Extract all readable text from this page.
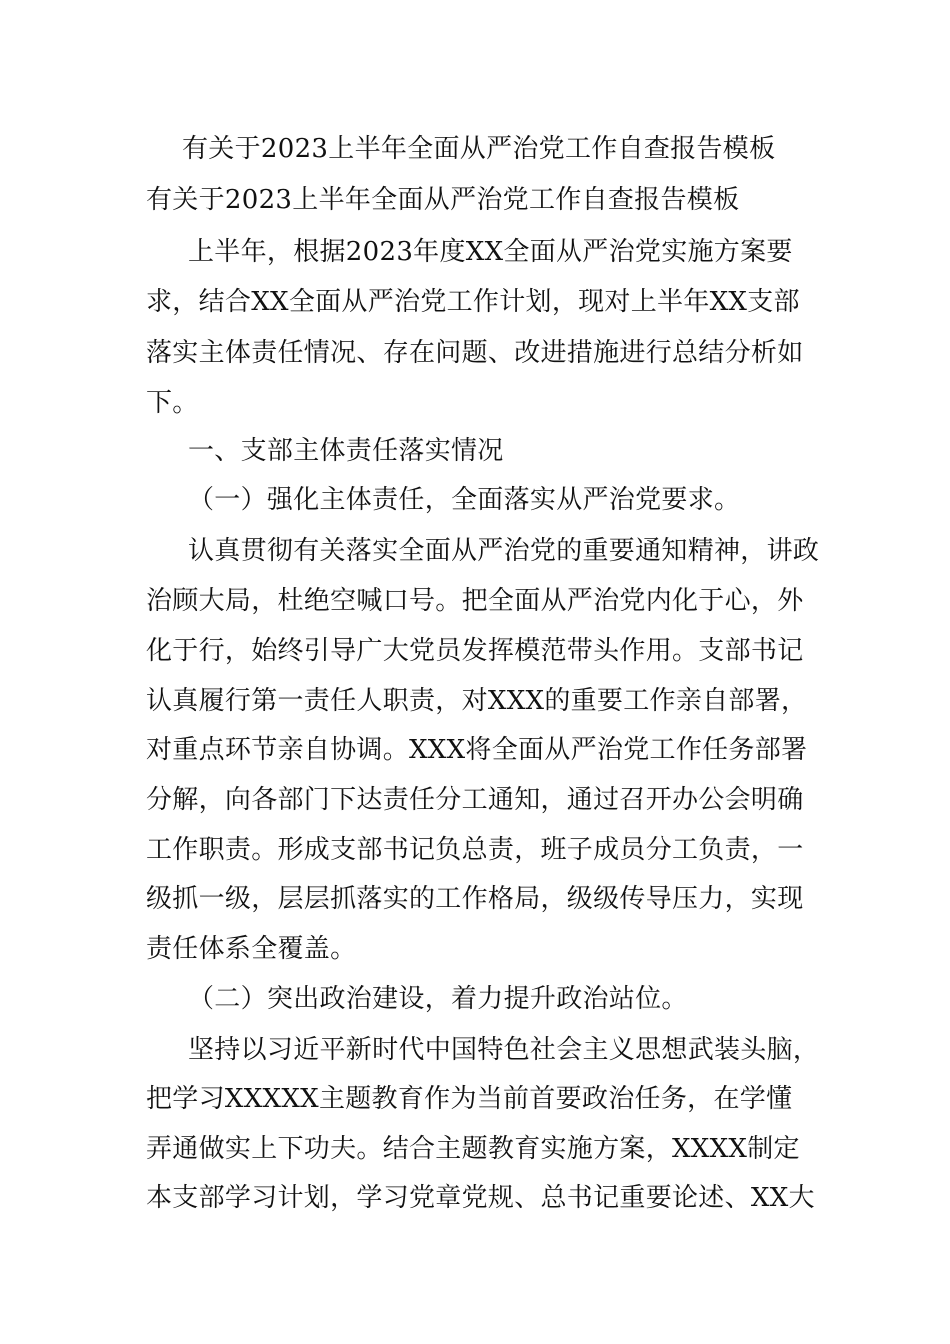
有关于2023上半年全面从严治党工作自查报告模板
有关于2023上半年全面从严治党工作自查报告模板
上半年，根据2023年度XX全面从严治党实施方案要
求，结合XX全面从严治党工作计划，现对上半年XX支部
落实主体责任情况、存在问题、改进措施进行总结分析如
下。
一、支部主体责任落实情况
（一）强化主体责任，全面落实从严治党要求。
认真贯彻有关落实全面从严治党的重要通知精神，讲政
治顾大局，杜绝空喊口号。把全面从严治党内化于心，外
化于行，始终引导广大党员发挥模范带头作用。支部书记
认真履行第一责任人职责，对XXX的重要工作亲自部署，
对重点环节亲自协调。XXX将全面从严治党工作任务部署
分解，向各部门下达责任分工通知，通过召开办公会明确
工作职责。形成支部书记负总责，班子成员分工负责，一
级抓一级，层层抓落实的工作格局，级级传导压力，实现
责任体系全覆盖。
（二）突出政治建设，着力提升政治站位。
坚持以习近平新时代中国特色社会主义思想武装头脑，
把学习XXXXX主题教育作为当前首要政治任务，在学懂
弄通做实上下功夫。结合主题教育实施方案，XXXX制定
本支部学习计划，学习党章党规、总书记重要论述、XX大
